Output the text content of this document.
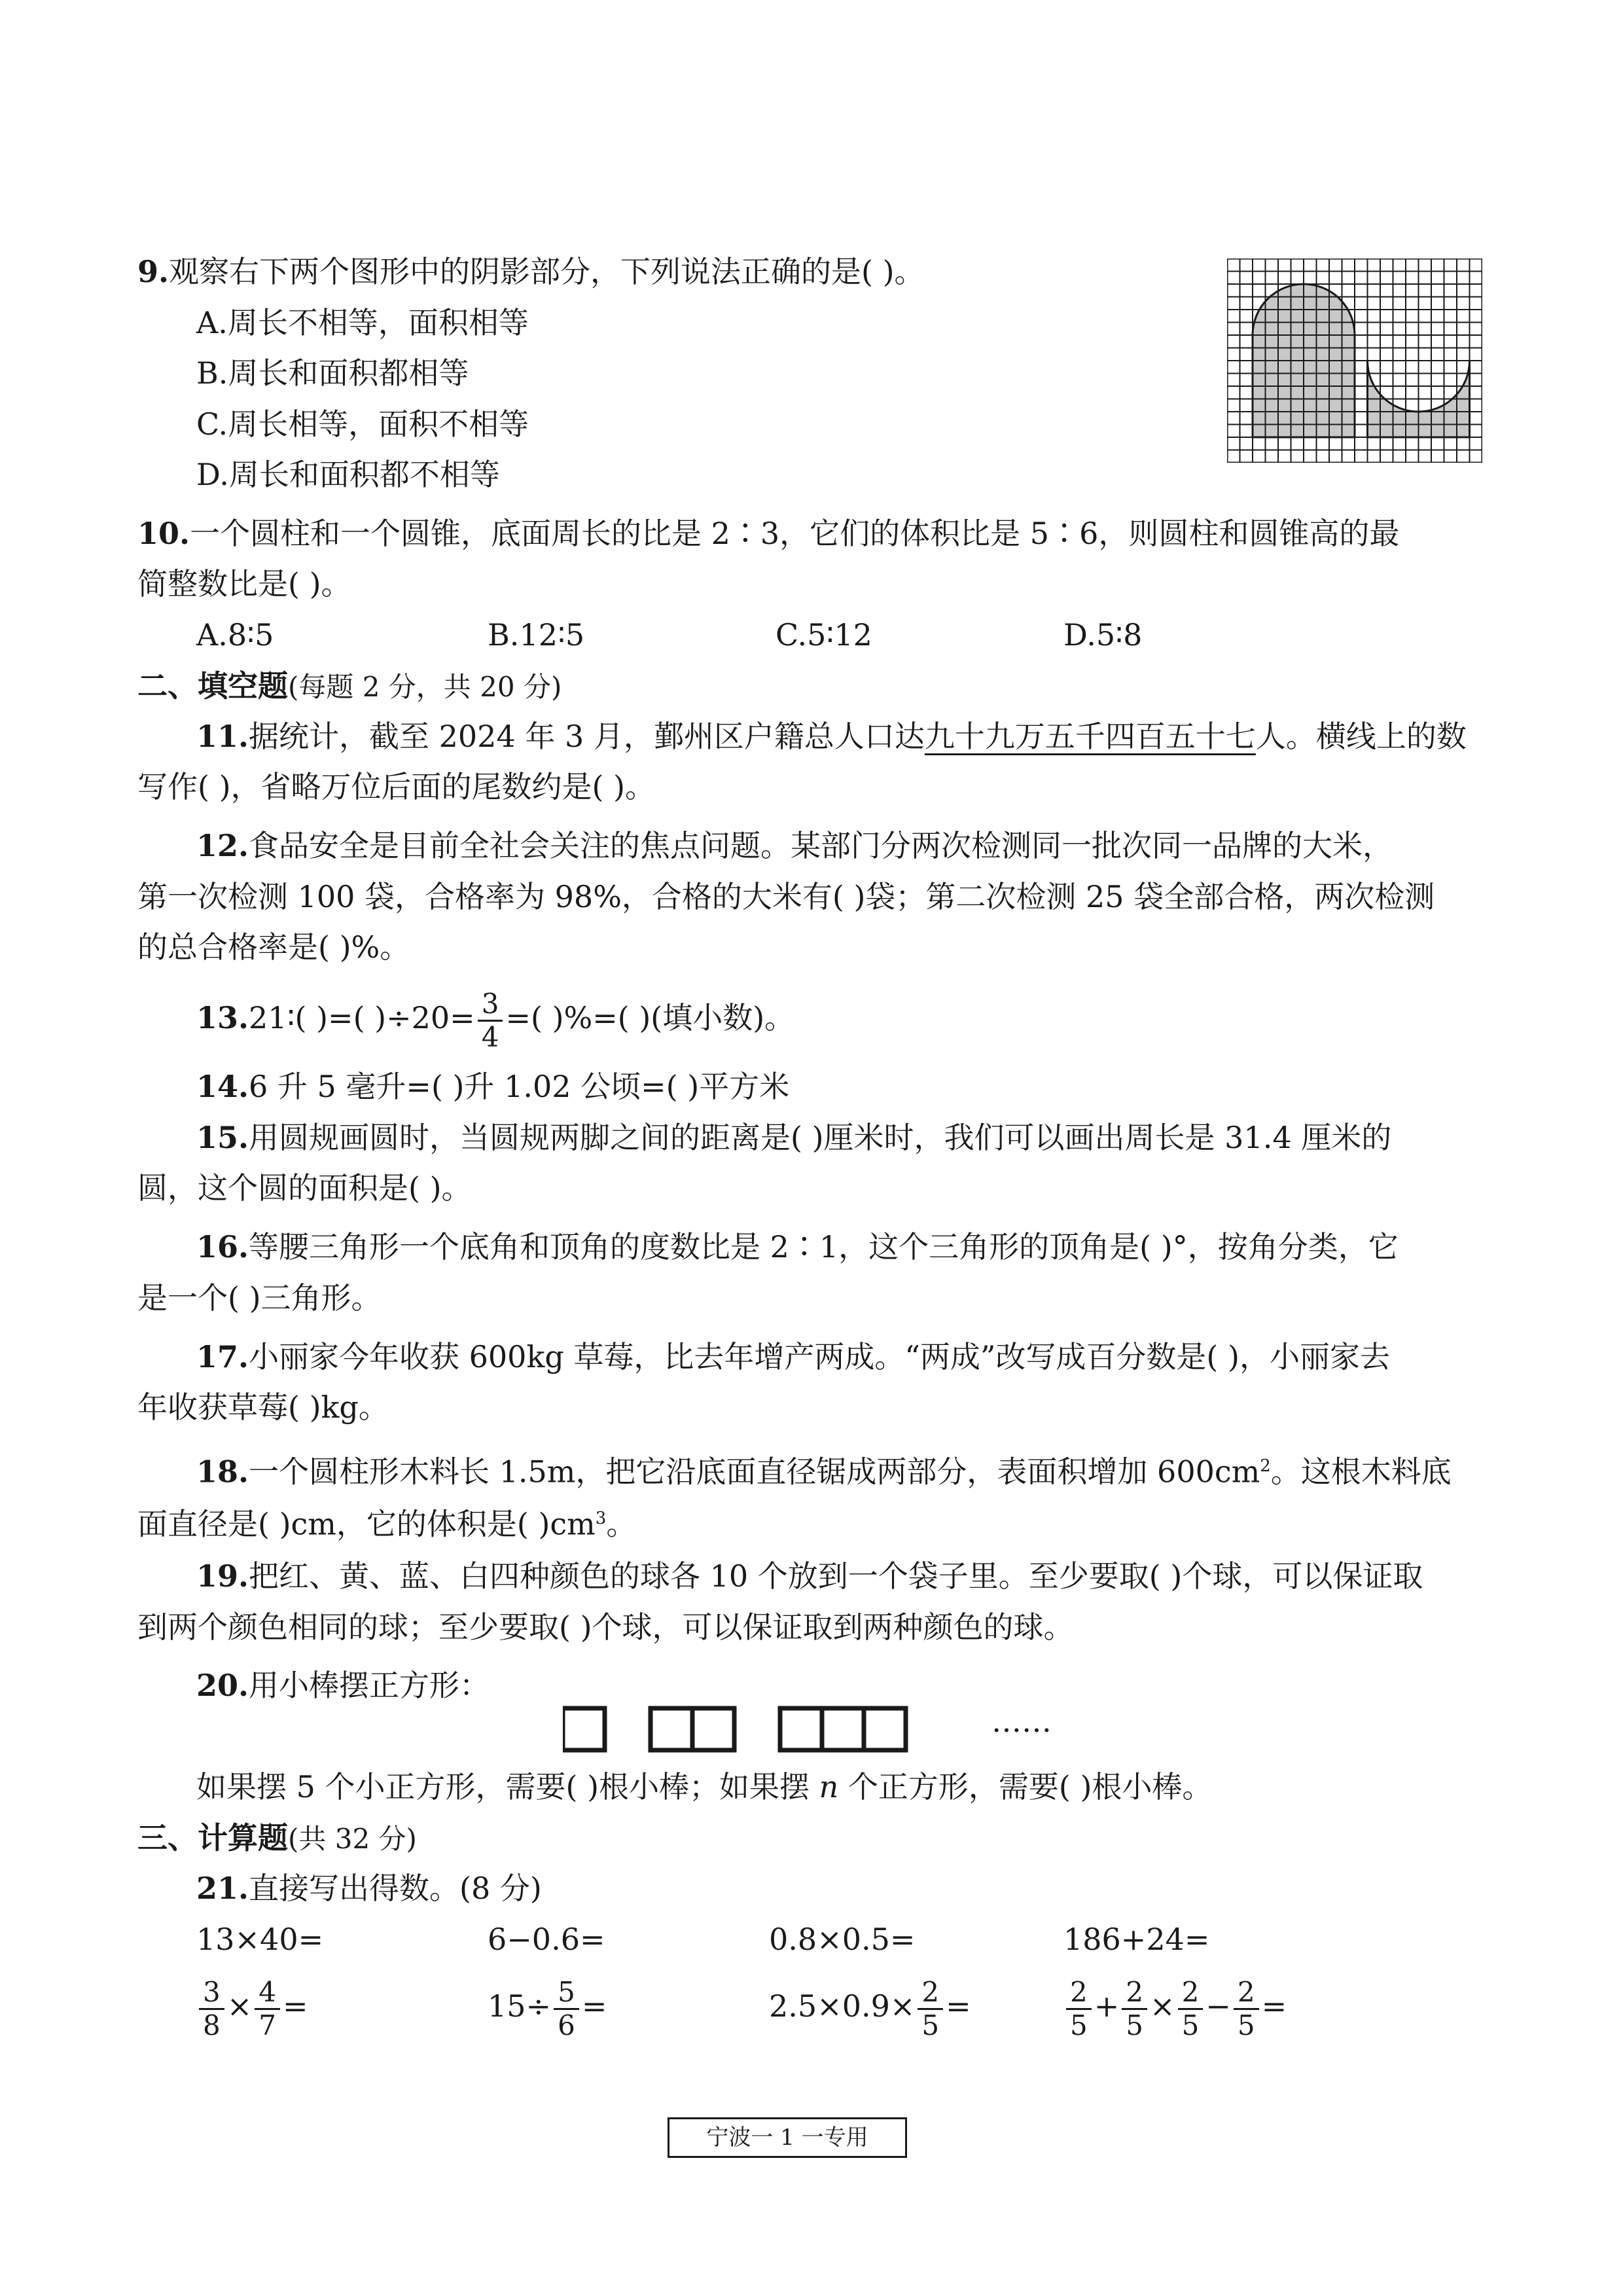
9.观察右下两个图形中的阴影部分，下列说法正确的是( )。
A.周长不相等，面积相等
B.周长和面积都相等
C.周长相等，面积不相等
D.周长和面积都不相等
10.一个圆柱和一个圆锥，底面周长的比是 2∶3，它们的体积比是 5∶6，则圆柱和圆锥高的最
简整数比是( )。
A.8∶5	B.12∶5	C.5∶12	D.5∶8
二、填空题(每题 2 分，共 20 分)
11.据统计，截至 2024 年 3 月，鄞州区户籍总人口达九十九万五千四百五十七人。横线上的数
写作( )，省略万位后面的尾数约是( )。
12.食品安全是目前全社会关注的焦点问题。某部门分两次检测同一批次同一品牌的大米，
第一次检测 100 袋，合格率为 98%，合格的大米有( )袋；第二次检测 25 袋全部合格，两次检测
的总合格率是( )%。
13.21∶( )=( )$\div 20= \frac{3}{4}$ =( )%=( )(填小数)。
14.6 升 5 毫升=( )升 1.02 公顷=( )平方米
15.用圆规画圆时，当圆规两脚之间的距离是( )厘米时，我们可以画出周长是 31.4 厘米的
圆，这个圆的面积是( )。
16.等腰三角形一个底角和顶角的度数比是 2∶1，这个三角形的顶角是( )°，按角分类，它
是一个( )三角形。
17.小丽家今年收获 600kg 草莓，比去年增产两成。“两成”改写成百分数是( )，小丽家去
年收获草莓( )kg。
18.一个圆柱形木料长 1.5m，把它沿底面直径锯成两部分，表面积增加 $600cm^2$。这根木料底
面直径是( )cm，它的体积是( )$cm^3$。
19.把红、黄、蓝、白四种颜色的球各 10 个放到一个袋子里。至少要取( )个球，可以保证取
到两个颜色相同的球；至少要取( )个球，可以保证取到两种颜色的球。
20.用小棒摆正方形：
……
如果摆 5 个小正方形，需要( )根小棒；如果摆 n 个正方形，需要( )根小棒。
三、计算题(共 32 分)
21.直接写出得数。(8 分)
13×40=	6−0.6=	0.8×0.5=	186+24=
$\frac{3}{8} \times \frac{4}{7}$ =	$15\div \frac{5}{6}$ =	$2.5\times 0.9\times \frac{2}{5}$ =	$\frac{2}{5} + \frac{2}{5} \times \frac{2}{5} - \frac{2}{5}$ =
宁波一 1 一专用
